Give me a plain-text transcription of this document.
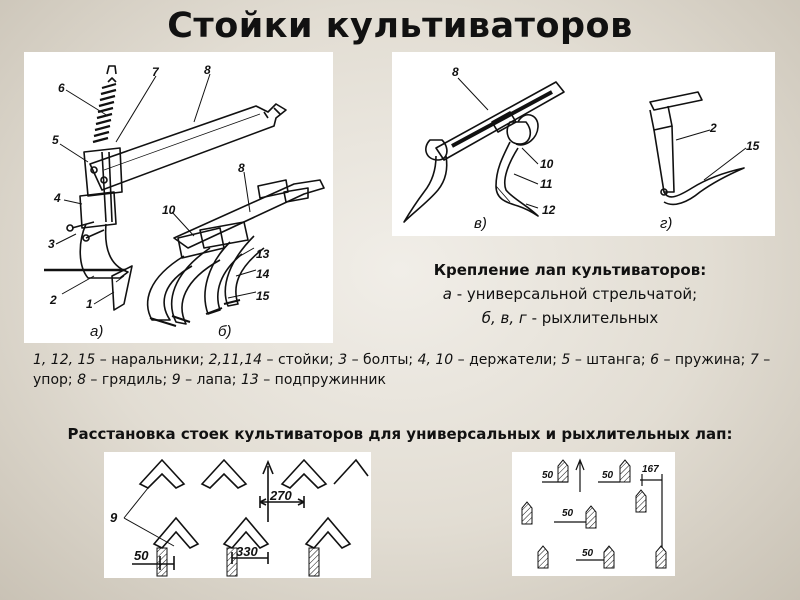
Стойки культиваторов
6
7	8
5
4
3
2 1
10
8
13
14
15
а)	б)
8
10
11
12
2
15
в)	г)
Крепление лап культиваторов:
а - универсальной стрельчатой;
б, в, г - рыхлительных
1, 12, 15 – наральники; 2,11,14 – стойки; 3 – болты; 4, 10 – держатели; 5 – штанга; 6 – пружина; 7 – упор; 8 – грядиль; 9 – лапа; 13 – подпружинник
Расстановка стоек культиваторов для универсальных и рыхлительных лап:
9
270
330
50
50	50
50
50
167
